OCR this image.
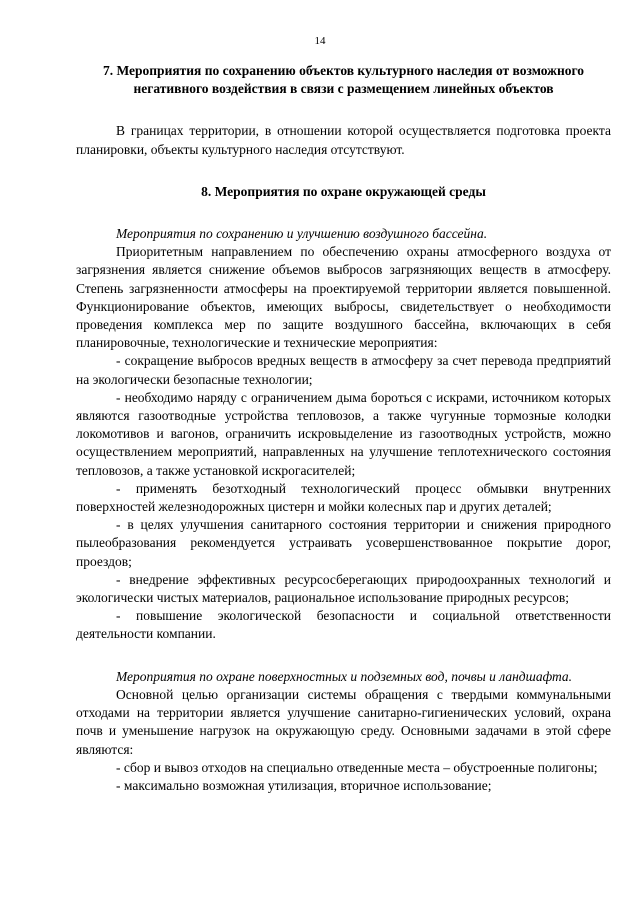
14

7. Мероприятия по сохранению объектов культурного наследия от возможного негативного воздействия в связи с размещением линейных объектов

В границах территории, в отношении которой осуществляется подготовка проекта планировки, объекты культурного наследия отсутствуют.

8. Мероприятия по охране окружающей среды

Мероприятия по сохранению и улучшению воздушного бассейна.

Приоритетным направлением по обеспечению охраны атмосферного воздуха от загрязнения является снижение объемов выбросов загрязняющих веществ в атмосферу. Степень загрязненности атмосферы на проектируемой территории является повышенной. Функционирование объектов, имеющих выбросы, свидетельствует о необходимости проведения комплекса мер по защите воздушного бассейна, включающих в себя планировочные, технологические и технические мероприятия:

- сокращение выбросов вредных веществ в атмосферу за счет перевода предприятий на экологически безопасные технологии;

- необходимо наряду с ограничением дыма бороться с искрами, источником которых являются газоотводные устройства тепловозов, а также чугунные тормозные колодки локомотивов и вагонов, ограничить искровыделение из газоотводных устройств, можно осуществлением мероприятий, направленных на улучшение теплотехнического состояния тепловозов, а также установкой искрогасителей;

- применять безотходный технологический процесс обмывки внутренних поверхностей железнодорожных цистерн и мойки колесных пар и других деталей;

- в целях улучшения санитарного состояния территории и снижения природного пылеобразования рекомендуется устраивать усовершенствованное покрытие дорог, проездов;

- внедрение эффективных ресурсосберегающих природоохранных технологий и экологически чистых материалов, рациональное использование природных ресурсов;

- повышение экологической безопасности и социальной ответственности деятельности компании.

Мероприятия по охране поверхностных и подземных вод, почвы и ландшафта.

Основной целью организации системы обращения с твердыми коммунальными отходами на территории является улучшение санитарно-гигиенических условий, охрана почв и уменьшение нагрузок на окружающую среду. Основными задачами в этой сфере являются:

- сбор и вывоз отходов на специально отведенные места – обустроенные полигоны;

- максимально возможная утилизация, вторичное использование;
